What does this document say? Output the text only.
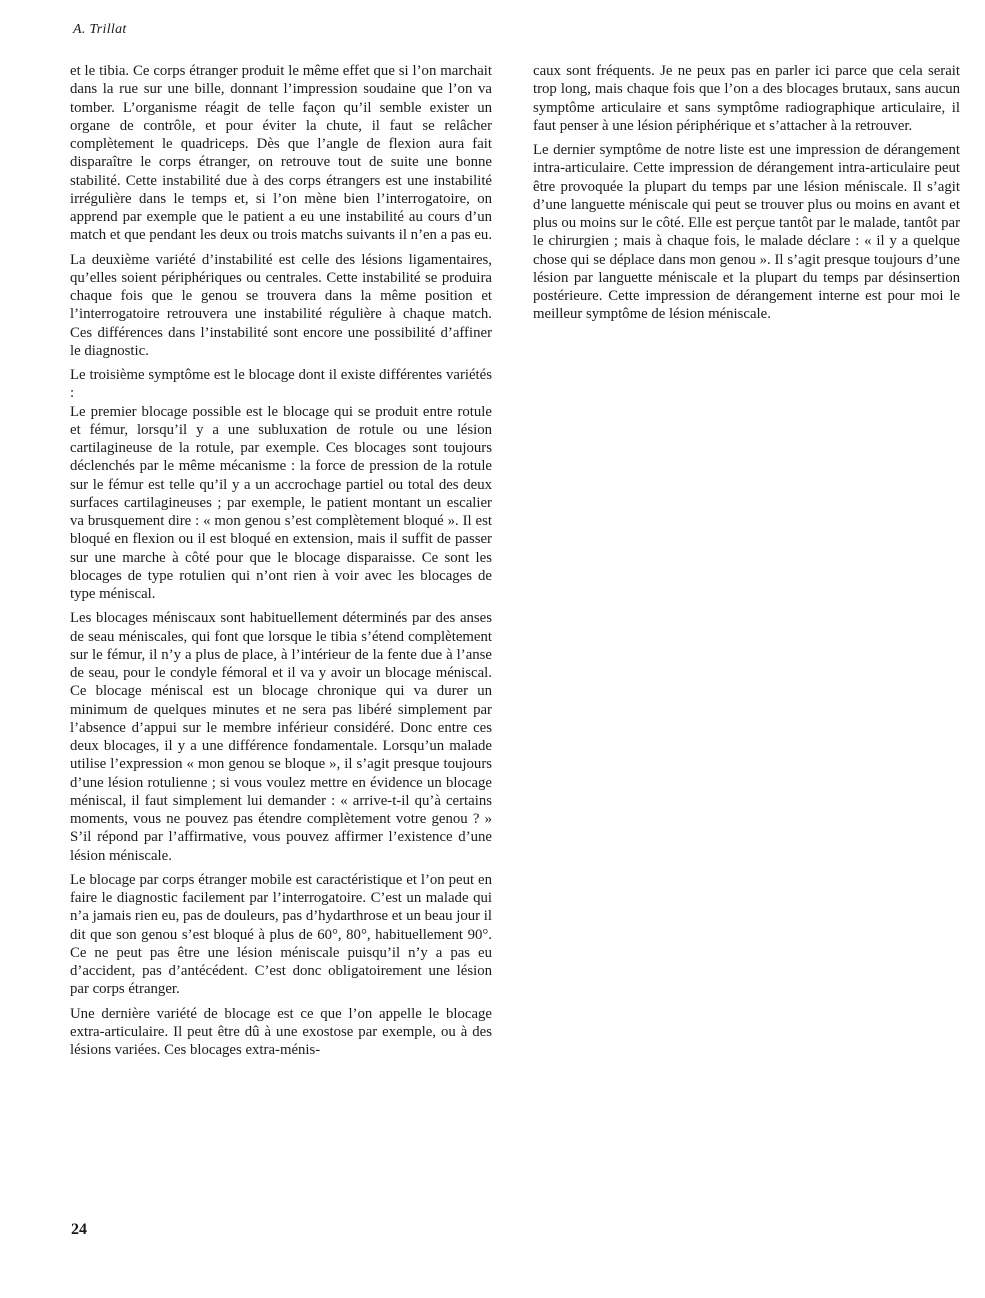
A. Trillat

et le tibia. Ce corps étranger produit le même effet que si l’on marchait dans la rue sur une bille, donnant l’impression soudaine que l’on va tomber. L’organisme réagit de telle façon qu’il semble exister un organe de contrôle, et pour éviter la chute, il faut se relâcher complètement le quadriceps. Dès que l’angle de flexion aura fait disparaître le corps étranger, on retrouve tout de suite une bonne stabilité. Cette instabilité due à des corps étrangers est une instabilité irrégulière dans le temps et, si l’on mène bien l’interrogatoire, on apprend par exemple que le patient a eu une instabilité au cours d’un match et que pendant les deux ou trois matchs suivants il n’en a pas eu.

La deuxième variété d’instabilité est celle des lésions ligamentaires, qu’elles soient périphériques ou centrales. Cette instabilité se produira chaque fois que le genou se trouvera dans la même position et l’interrogatoire retrouvera une instabilité régulière à chaque match. Ces différences dans l’instabilité sont encore une possibilité d’affiner le diagnostic.

Le troisième symptôme est le blocage dont il existe différentes variétés :

Le premier blocage possible est le blocage qui se produit entre rotule et fémur, lorsqu’il y a une subluxation de rotule ou une lésion cartilagineuse de la rotule, par exemple. Ces blocages sont toujours déclenchés par le même mécanisme : la force de pression de la rotule sur le fémur est telle qu’il y a un accrochage partiel ou total des deux surfaces cartilagineuses ; par exemple, le patient montant un escalier va brusquement dire : « mon genou s’est complètement bloqué ». Il est bloqué en flexion ou il est bloqué en extension, mais il suffit de passer sur une marche à côté pour que le blocage disparaisse. Ce sont les blocages de type rotulien qui n’ont rien à voir avec les blocages de type méniscal.

Les blocages méniscaux sont habituellement déterminés par des anses de seau méniscales, qui font que lorsque le tibia s’étend complètement sur le fémur, il n’y a plus de place, à l’intérieur de la fente due à l’anse de seau, pour le condyle fémoral et il va y avoir un blocage méniscal. Ce blocage méniscal est un blocage chronique qui va durer un minimum de quelques minutes et ne sera pas libéré simplement par l’absence d’appui sur le membre inférieur considéré. Donc entre ces deux blocages, il y a une différence fondamentale. Lorsqu’un malade utilise l’expression « mon genou se bloque », il s’agit presque toujours d’une lésion rotulienne ; si vous voulez mettre en évidence un blocage méniscal, il faut simplement lui demander : « arrive-t-il qu’à certains moments, vous ne pouvez pas étendre complètement votre genou ? » S’il répond par l’affirmative, vous pouvez affirmer l’existence d’une lésion méniscale.

Le blocage par corps étranger mobile est caractéristique et l’on peut en faire le diagnostic facilement par l’interrogatoire. C’est un malade qui n’a jamais rien eu, pas de douleurs, pas d’hydarthrose et un beau jour il dit que son genou s’est bloqué à plus de 60°, 80°, habituellement 90°. Ce ne peut pas être une lésion méniscale puisqu’il n’y a pas eu d’accident, pas d’antécédent. C’est donc obligatoirement une lésion par corps étranger.

Une dernière variété de blocage est ce que l’on appelle le blocage extra-articulaire. Il peut être dû à une exostose par exemple, ou à des lésions variées. Ces blocages extra-ménis-

caux sont fréquents. Je ne peux pas en parler ici parce que cela serait trop long, mais chaque fois que l’on a des blocages brutaux, sans aucun symptôme articulaire et sans symptôme radiographique articulaire, il faut penser à une lésion périphérique et s’attacher à la retrouver.

Le dernier symptôme de notre liste est une impression de dérangement intra-articulaire. Cette impression de dérangement intra-articulaire peut être provoquée la plupart du temps par une lésion méniscale. Il s’agit d’une languette méniscale qui peut se trouver plus ou moins en avant et plus ou moins sur le côté. Elle est perçue tantôt par le malade, tantôt par le chirurgien ; mais à chaque fois, le malade déclare : « il y a quelque chose qui se déplace dans mon genou ». Il s’agit presque toujours d’une lésion par languette méniscale et la plupart du temps par désinsertion postérieure. Cette impression de dérangement interne est pour moi le meilleur symptôme de lésion méniscale.

24
